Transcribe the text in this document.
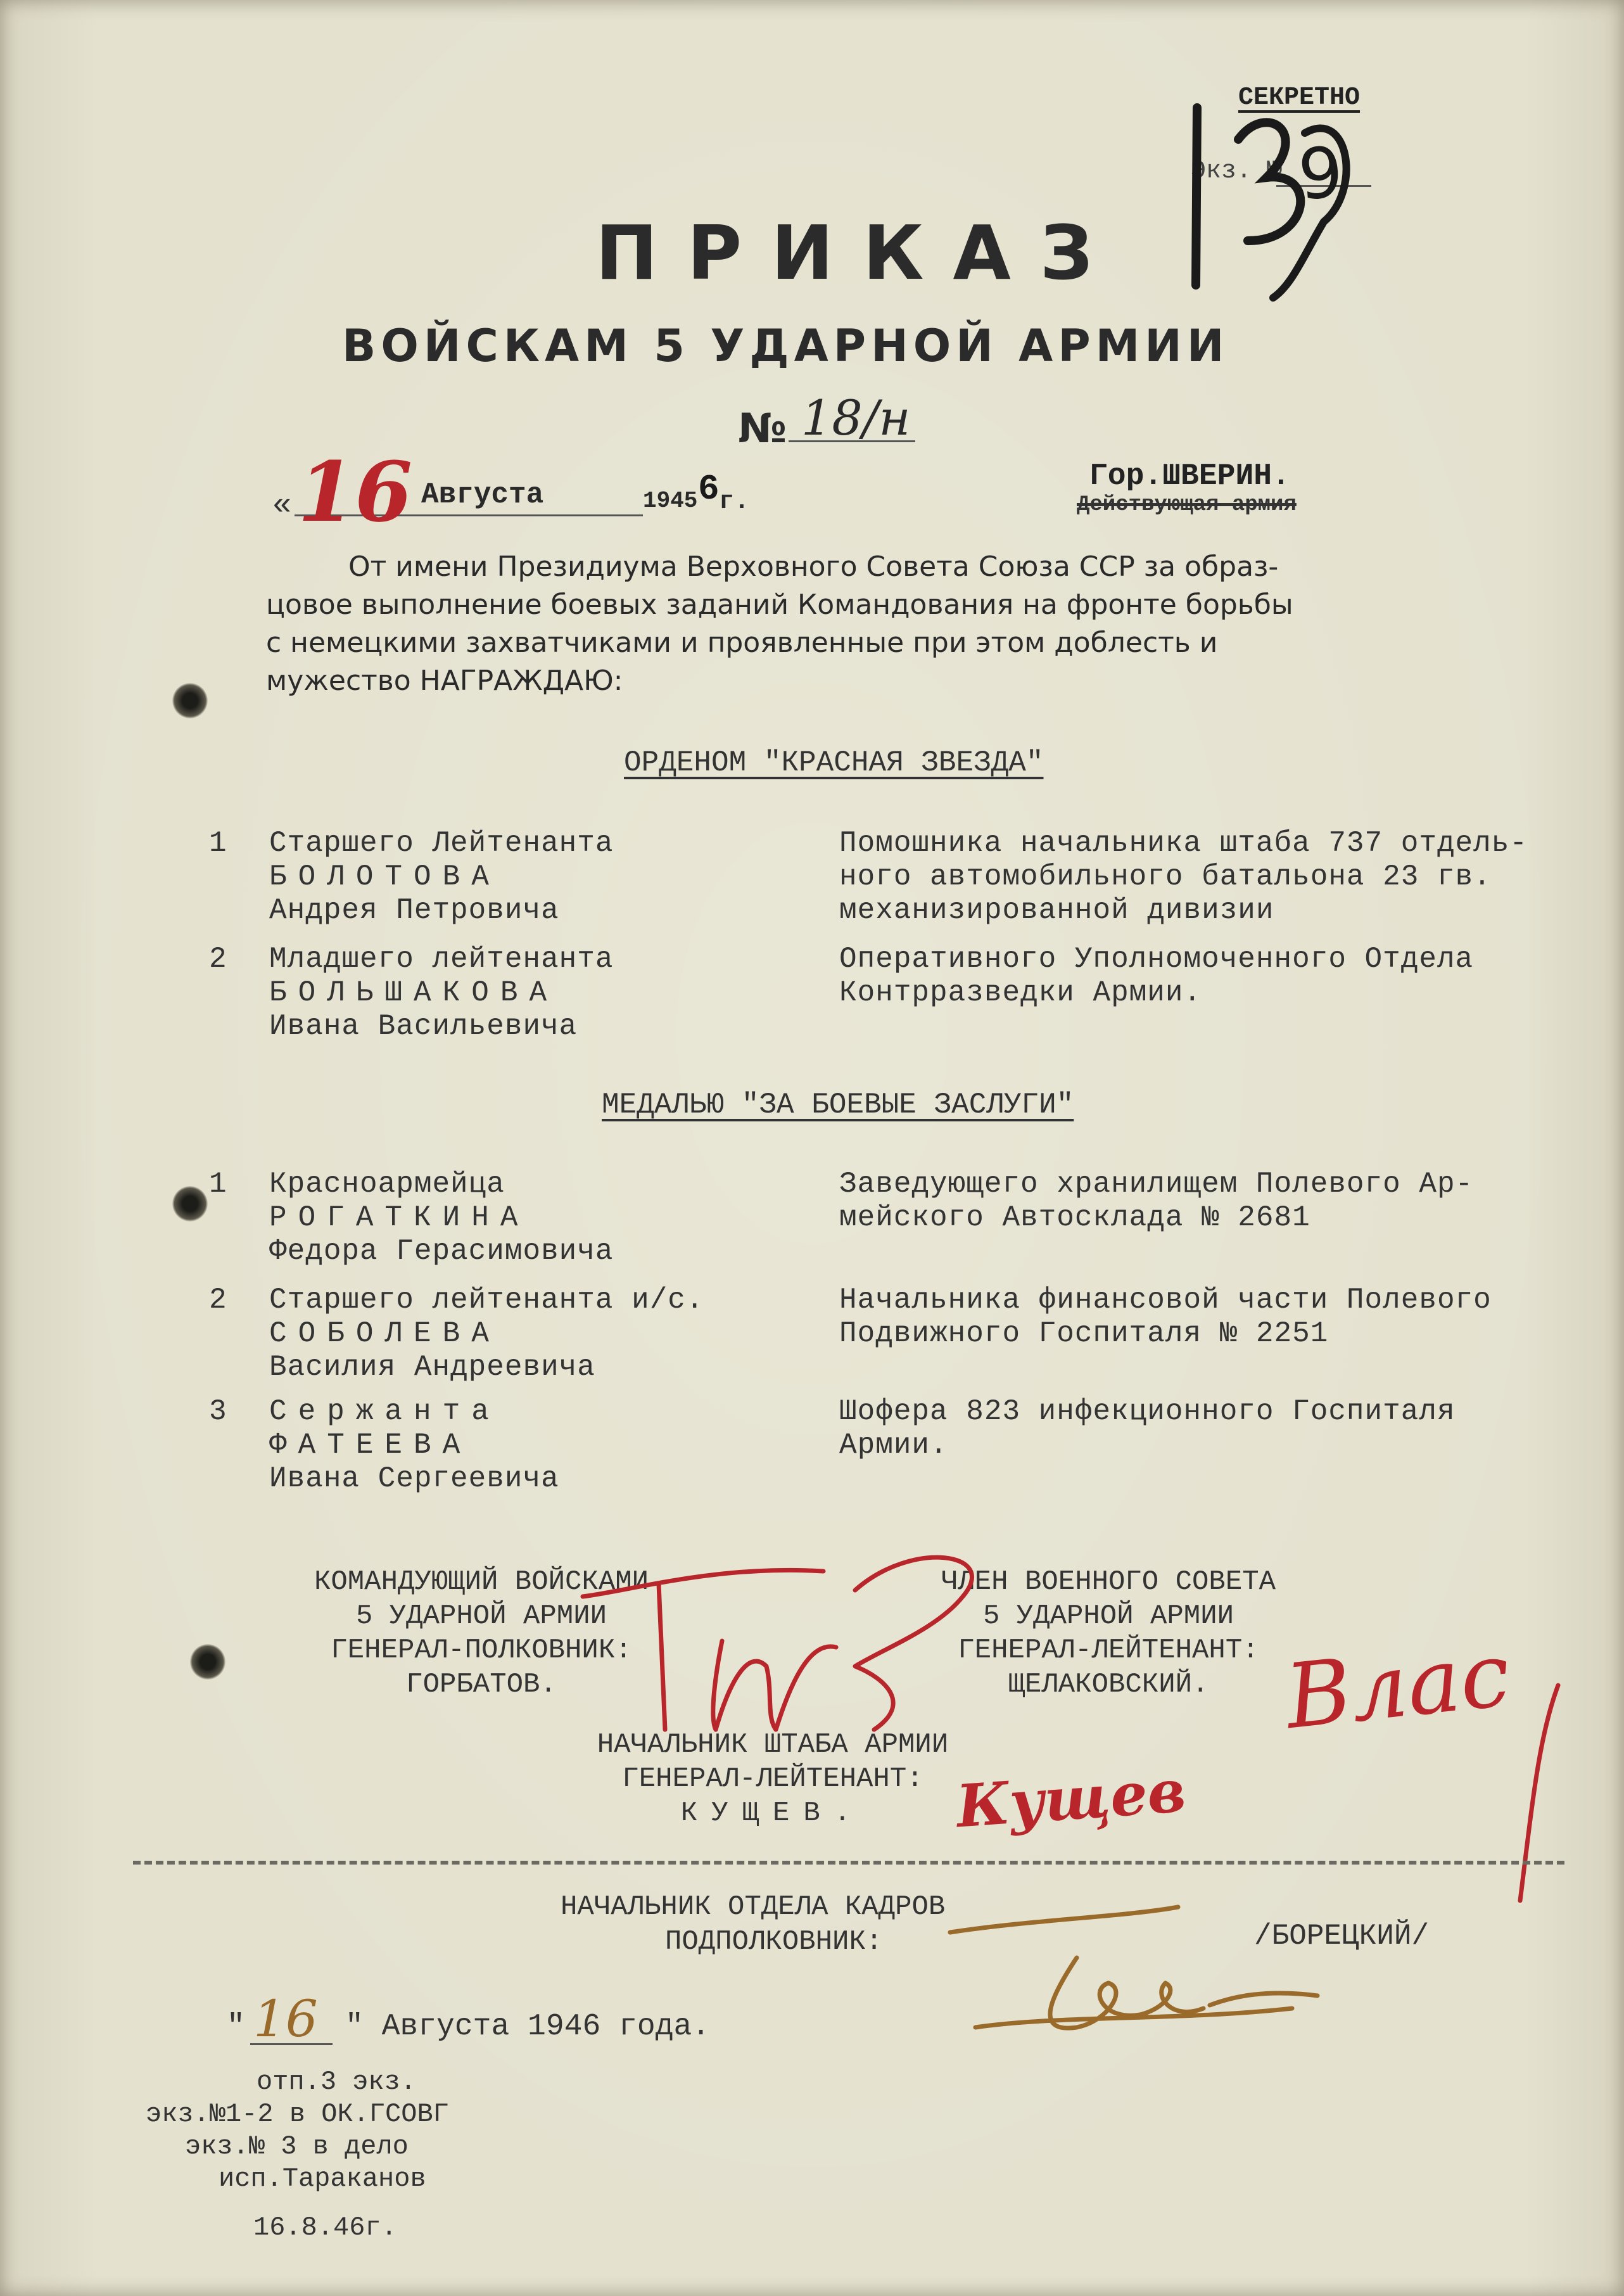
СЕКРЕТНО
Экз. № 9
ПРИКАЗ
ВОЙСКАМ 5 УДАРНОЙ АРМИИ
№ 18/н
« 16 Августа	1945 6 г.
Гор.ШВЕРИН.
Действующая армия
От имени Президиума Верховного Совета Союза ССР за образ-
цовое выполнение боевых заданий Командования на фронте борьбы
с немецкими захватчиками и проявленные при этом доблесть и
мужество НАГРАЖДАЮ:
ОРДЕНОМ "КРАСНАЯ ЗВЕЗДА"
1 Старшего Лейтенанта
БОЛОТОВА
Андрея Петровича
Помошника начальника штаба 737 отдель-
ного автомобильного батальона 23 гв.
механизированной дивизии
2 Младшего лейтенанта
БОЛЬШАКОВА
Ивана Васильевича
Оперативного Уполномоченного Отдела
Контрразведки Армии.
МЕДАЛЬЮ "ЗА БОЕВЫЕ ЗАСЛУГИ"
1 Красноармейца
РОГАТКИНА
Федора Герасимовича
Заведующего хранилищем Полевого Ар-
мейского Автосклада № 2681
2 Старшего лейтенанта и/с.
СОБОЛЕВА
Василия Андреевича
Начальника финансовой части Полевого
Подвижного Госпиталя № 2251
3 Сержанта
ФАТЕЕВА
Ивана Сергеевича
Шофера 823 инфекционного Госпиталя
Армии.
КОМАНДУЮЩИЙ ВОЙСКАМИ
5 УДАРНОЙ АРМИИ
ГЕНЕРАЛ-ПОЛКОВНИК:
ГОРБАТОВ.
ЧЛЕН ВОЕННОГО СОВЕТА
5 УДАРНОЙ АРМИИ
ГЕНЕРАЛ-ЛЕЙТЕНАНТ:
ЩЕЛАКОВСКИЙ.
НАЧАЛЬНИК ШТАБА АРМИИ
ГЕНЕРАЛ-ЛЕЙТЕНАНТ:
КУЩЕВ.
Влас
Кущев
НАЧАЛЬНИК ОТДЕЛА КАДРОВ
ПОДПОЛКОВНИК:	/БОРЕЦКИЙ/
" 16 " Августа 1946 года.
отп.3 экз.
экз.№1-2 в ОК.ГСОВГ
экз.№ 3 в дело
исп.Тараканов
16.8.46г.
